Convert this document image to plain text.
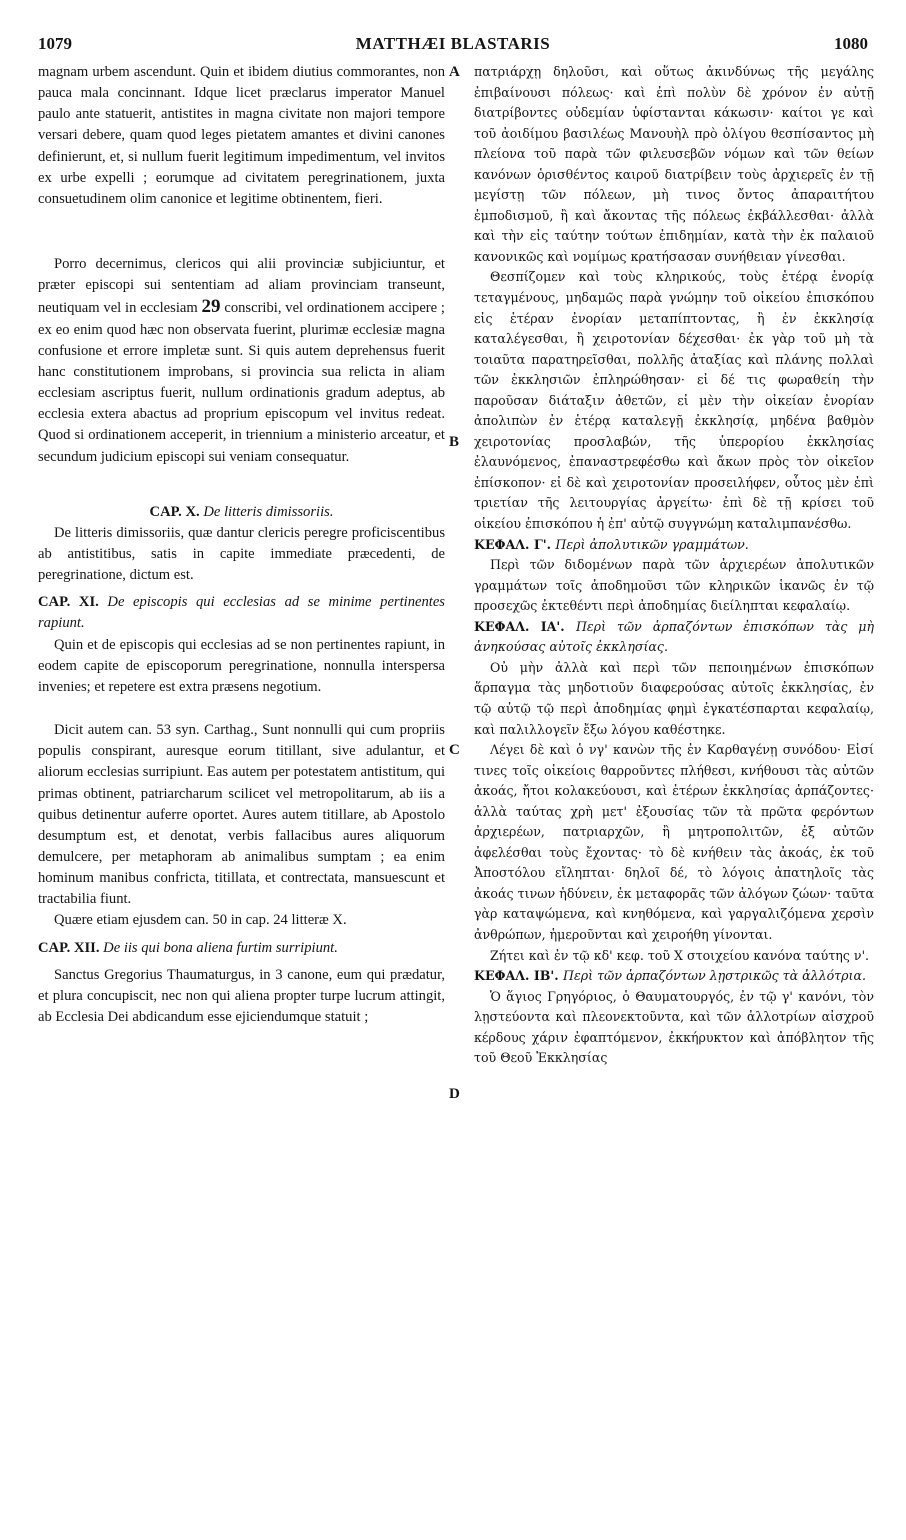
1079	MATTHÆI BLASTARIS	1080
A
B
C
D

magnam urbem ascendunt. Quin et ibidem diutius commorantes, non pauca mala concinnant. Idque licet præclarus imperator Manuel paulo ante statuerit, antistites in magna civitate non majori tempore versari debere, quam quod leges pietatem amantes et divini canones definierunt, et, si nullum fuerit legitimum impedimentum, vel invitos ex urbe expelli ; eorumque ad civitatem peregrinationem, juxta consuetudinem olim canonice et legitime obtinentem, fieri.

Porro decernimus, clericos qui alii provinciæ subjiciuntur, et præter episcopi sui sententiam ad aliam provinciam transeunt, neutiquam vel in ecclesiam 29 conscribi, vel ordinationem accipere ; ex eo enim quod hæc non observata fuerint, plurimæ ecclesiæ magna confusione et errore impletæ sunt. Si quis autem deprehensus fuerit hanc constitutionem improbans, si provincia sua relicta in aliam ecclesiam ascriptus fuerit, nullum ordinationis gradum adeptus, ab ecclesia extera abactus ad proprium episcopum vel invitus redeat. Quod si ordinationem acceperit, in triennium a ministerio arceatur, et secundum judicium episcopi sui veniam consequatur.

CAP. X. De litteris dimissoriis.

De litteris dimissoriis, quæ dantur clericis peregre proficiscentibus ab antistitibus, satis in capite immediate præcedenti, de peregrinatione, dictum est.

CAP. XI. De episcopis qui ecclesias ad se minime pertinentes rapiunt.

Quin et de episcopis qui ecclesias ad se non pertinentes rapiunt, in eodem capite de episcoporum peregrinatione, nonnulla interspersa invenies; et repetere est extra præsens negotium.

Dicit autem can. 53 syn. Carthag., Sunt nonnulli qui cum propriis populis conspirant, auresque eorum titillant, sive adulantur, et aliorum ecclesias surripiunt. Eas autem per potestatem antistitum, qui primas obtinent, patriarcharum scilicet vel metropolitarum, ab iis a quibus detinentur auferre oportet. Aures autem titillare, ab Apostolo desumptum est, et denotat, verbis fallacibus aures aliquorum demulcere, per metaphoram ab animalibus sumptam ; ea enim hominum manibus confricta, titillata, et contrectata, mansuescunt et tractabilia fiunt.

Quære etiam ejusdem can. 50 in cap. 24 litteræ X.

CAP. XII. De iis qui bona aliena furtim surripiunt.

Sanctus Gregorius Thaumaturgus, in 3 canone, eum qui prædatur, et plura concupiscit, nec non qui aliena propter turpe lucrum attingit, ab Ecclesia Dei abdicandum esse ejiciendumque statuit ;

πατριάρχῃ δηλοῦσι, καὶ οὕτως ἀκινδύνως τῆς μεγάλης ἐπιβαίνουσι πόλεως· καὶ ἐπὶ πολὺν δὲ χρόνον ἐν αὐτῇ διατρίβοντες οὐδεμίαν ὑφίστανται κάκωσιν· καίτοι γε καὶ τοῦ ἀοιδίμου βασιλέως Μανουὴλ πρὸ ὀλίγου θεσπίσαντος μὴ πλείονα τοῦ παρὰ τῶν φιλευσεβῶν νόμων καὶ τῶν θείων κανόνων ὁρισθέντος καιροῦ διατρίβειν τοὺς ἀρχιερεῖς ἐν τῇ μεγίστῃ τῶν πόλεων, μὴ τινος ὄντος ἀπαραιτήτου ἐμποδισμοῦ, ἢ καὶ ἄκοντας τῆς πόλεως ἐκβάλλεσθαι· ἀλλὰ καὶ τὴν εἰς ταύτην τούτων ἐπιδημίαν, κατὰ τὴν ἐκ παλαιοῦ κανονικῶς καὶ νομίμως κρατήσασαν συνήθειαν γίνεσθαι.

Θεσπίζομεν καὶ τοὺς κληρικούς, τοὺς ἑτέρᾳ ἐνορίᾳ τεταγμένους, μηδαμῶς παρὰ γνώμην τοῦ οἰκείου ἐπισκόπου εἰς ἑτέραν ἐνορίαν μεταπίπτοντας, ἢ ἐν ἐκκλησίᾳ καταλέγεσθαι, ἢ χειροτονίαν δέχεσθαι· ἐκ γὰρ τοῦ μὴ τὰ τοιαῦτα παρατηρεῖσθαι, πολλῆς ἀταξίας καὶ πλάνης πολλαὶ τῶν ἐκκλησιῶν ἐπληρώθησαν· εἰ δέ τις φωραθείη τὴν παροῦσαν διάταξιν ἀθετῶν, εἰ μὲν τὴν οἰκείαν ἐνορίαν ἀπολιπὼν ἐν ἑτέρᾳ καταλεγῇ ἐκκλησίᾳ, μηδένα βαθμὸν χειροτονίας προσλαβών, τῆς ὑπερορίου ἐκκλησίας ἐλαυνόμενος, ἐπαναστρεφέσθω καὶ ἄκων πρὸς τὸν οἰκεῖον ἐπίσκοπον· εἰ δὲ καὶ χειροτονίαν προσειλήφεν, οὗτος μὲν ἐπὶ τριετίαν τῆς λειτουργίας ἀργείτω· ἐπὶ δὲ τῇ κρίσει τοῦ οἰκείου ἐπισκόπου ἡ ἐπ' αὐτῷ συγγνώμη καταλιμπανέσθω.

ΚΕΦΑΛ. Γ'. Περὶ ἀπολυτικῶν γραμμάτων.

Περὶ τῶν διδομένων παρὰ τῶν ἀρχιερέων ἀπολυτικῶν γραμμάτων τοῖς ἀποδημοῦσι τῶν κληρικῶν ἱκανῶς ἐν τῷ προσεχῶς ἐκτεθέντι περὶ ἀποδημίας διείληπται κεφαλαίῳ.

ΚΕΦΑΛ. ΙΑ'. Περὶ τῶν ἁρπαζόντων ἐπισκόπων τὰς μὴ ἀνηκούσας αὐτοῖς ἐκκλησίας.

Οὐ μὴν ἀλλὰ καὶ περὶ τῶν πεποιημένων ἐπισκόπων ἅρπαγμα τὰς μηδοτιοῦν διαφερούσας αὐτοῖς ἐκκλησίας, ἐν τῷ αὐτῷ τῷ περὶ ἀποδημίας φημὶ ἐγκατέσπαρται κεφαλαίῳ, καὶ παλιλλογεῖν ἔξω λόγου καθέστηκε.

Λέγει δὲ καὶ ὁ νγ' κανὼν τῆς ἐν Καρθαγένῃ συνόδου· Εἰσί τινες τοῖς οἰκείοις θαρροῦντες πλήθεσι, κνήθουσι τὰς αὐτῶν ἀκοάς, ἤτοι κολακεύουσι, καὶ ἑτέρων ἐκκλησίας ἁρπάζοντες· ἀλλὰ ταύτας χρὴ μετ' ἐξουσίας τῶν τὰ πρῶτα φερόντων ἀρχιερέων, πατριαρχῶν, ἢ μητροπολιτῶν, ἐξ αὐτῶν ἀφελέσθαι τοὺς ἔχοντας· τὸ δὲ κνήθειν τὰς ἀκοάς, ἐκ τοῦ Ἀποστόλου εἴληπται· δηλοῖ δέ, τὸ λόγοις ἀπατηλοῖς τὰς ἀκοάς τινων ἡδύνειν, ἐκ μεταφορᾶς τῶν ἀλόγων ζώων· ταῦτα γὰρ καταψώμενα, καὶ κνηθόμενα, καὶ γαργαλιζόμενα χερσὶν ἀνθρώπων, ἡμεροῦνται καὶ χειροήθη γίνονται.

Ζήτει καὶ ἐν τῷ κδ' κεφ. τοῦ Χ στοιχείου κανόνα ταύτης ν'.

ΚΕΦΑΛ. ΙΒ'. Περὶ τῶν ἁρπαζόντων λῃστρικῶς τὰ ἀλλότρια.

Ὁ ἅγιος Γρηγόριος, ὁ Θαυματουργός, ἐν τῷ γ' κανόνι, τὸν λῃστεύοντα καὶ πλεονεκτοῦντα, καὶ τῶν ἀλλοτρίων αἰσχροῦ κέρδους χάριν ἐφαπτόμενον, ἐκκήρυκτον καὶ ἀπόβλητον τῆς τοῦ Θεοῦ Ἐκκλησίας
